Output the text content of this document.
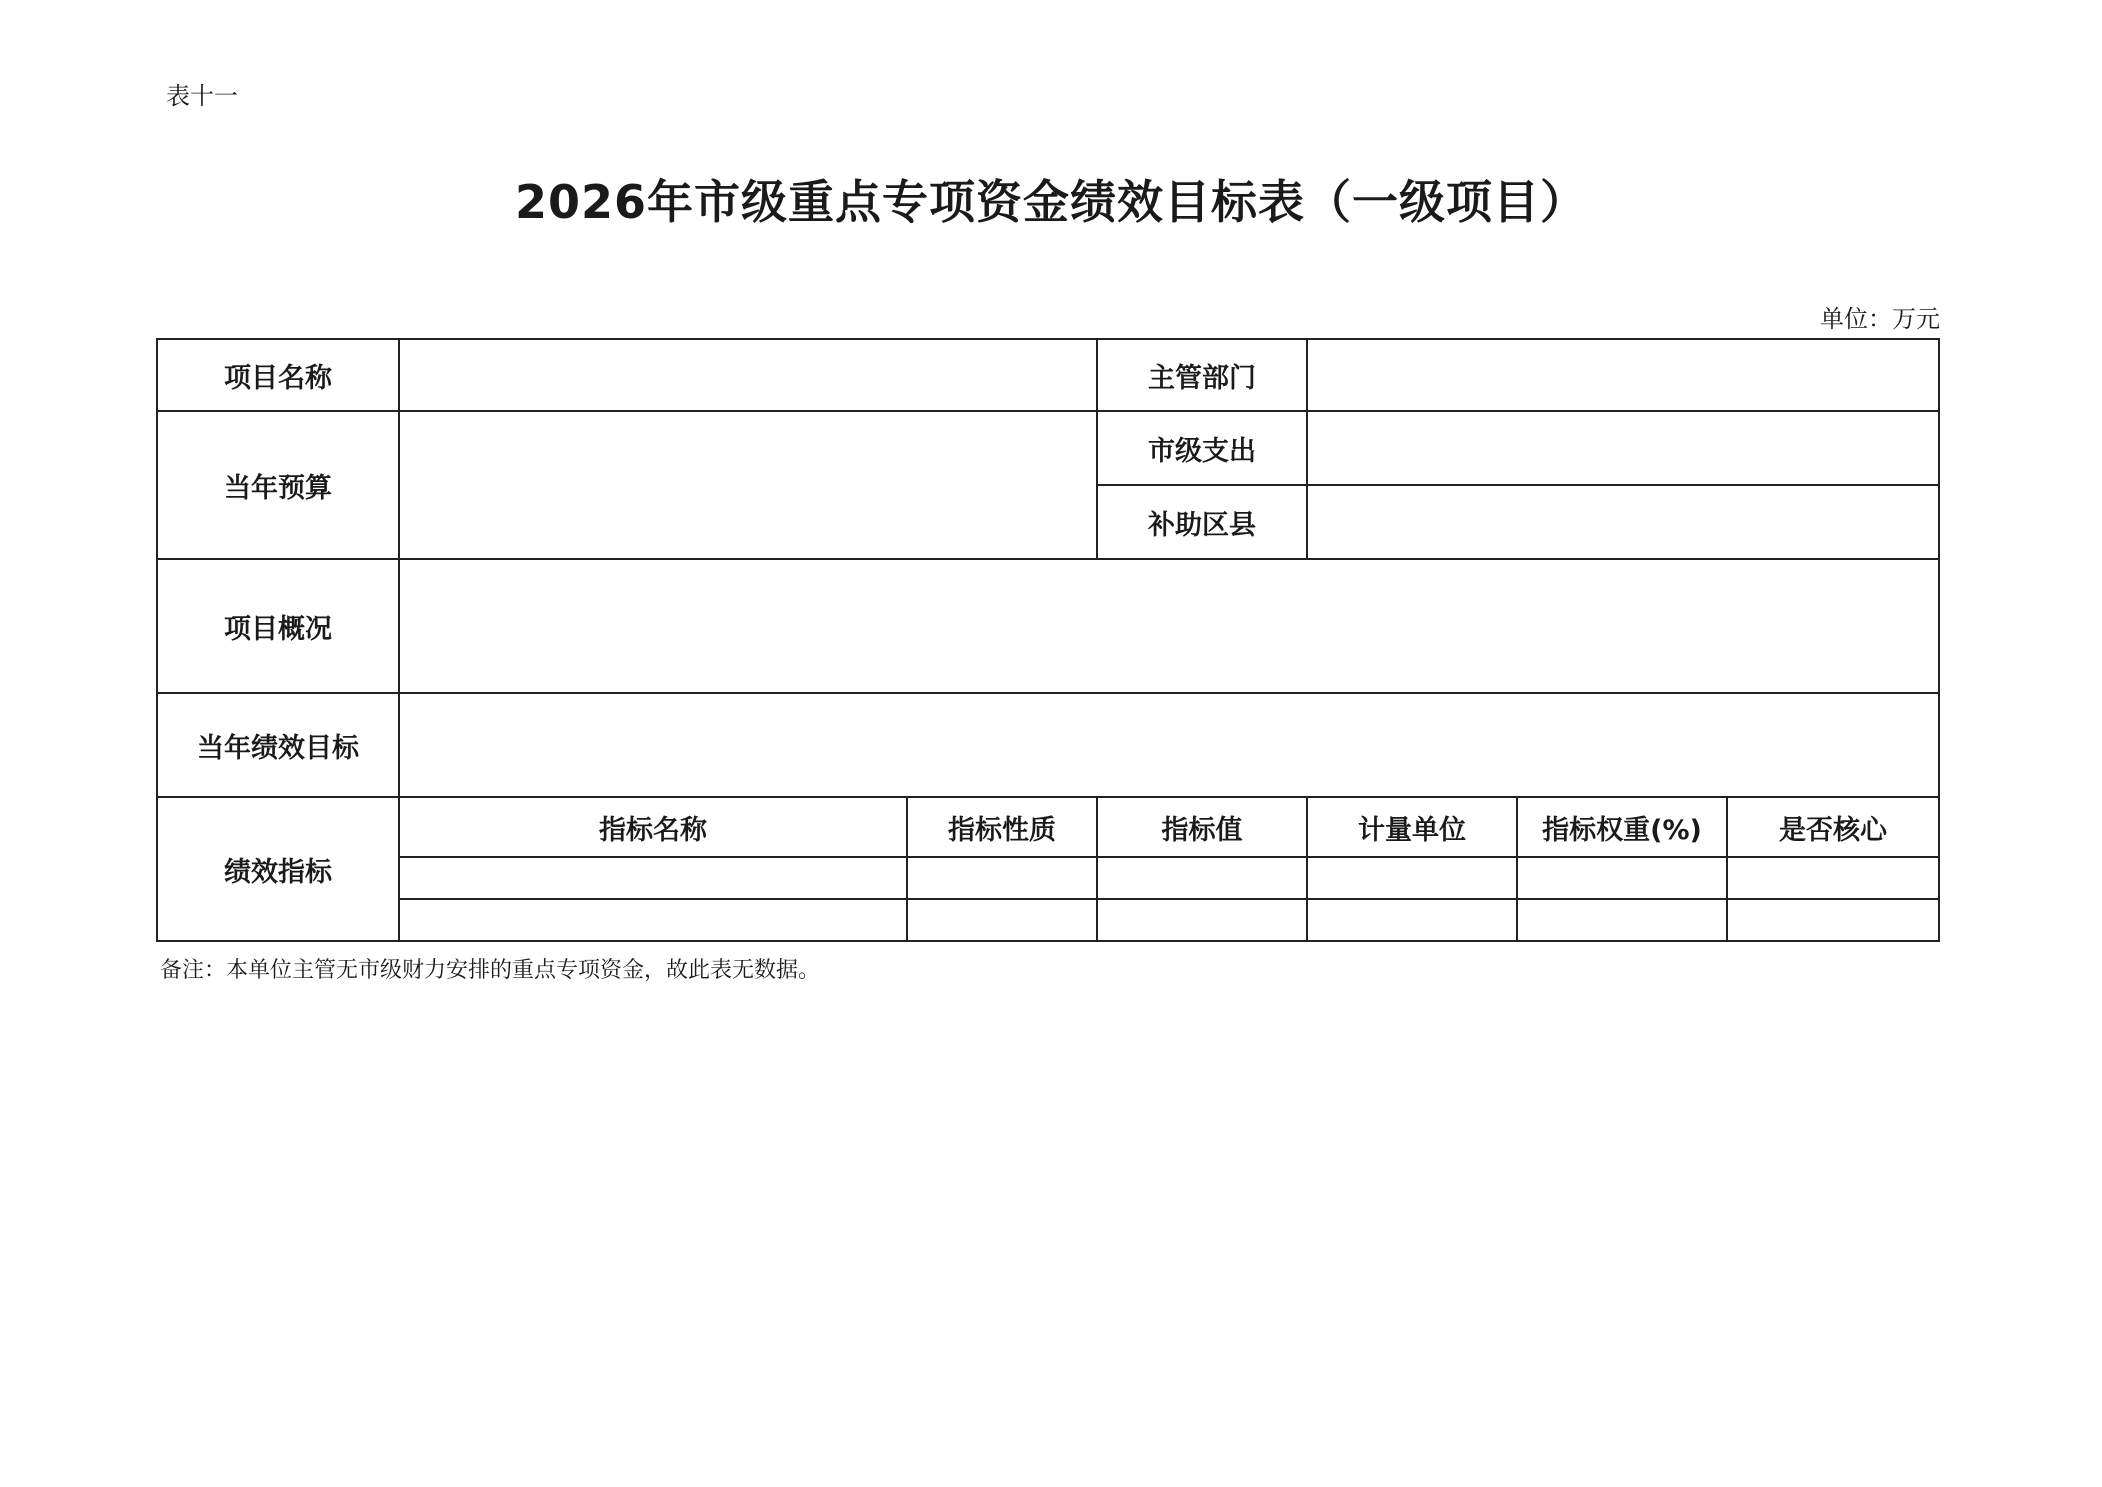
表十一
2026年市级重点专项资金绩效目标表（一级项目）
单位：万元
项目名称			主管部门			
当年预算			市级支出			
			补助区县			
项目概况						
当年绩效目标						
绩效指标	指标名称	指标性质	指标值	计量单位	指标权重(%)	是否核心

备注：本单位主管无市级财力安排的重点专项资金，故此表无数据。
